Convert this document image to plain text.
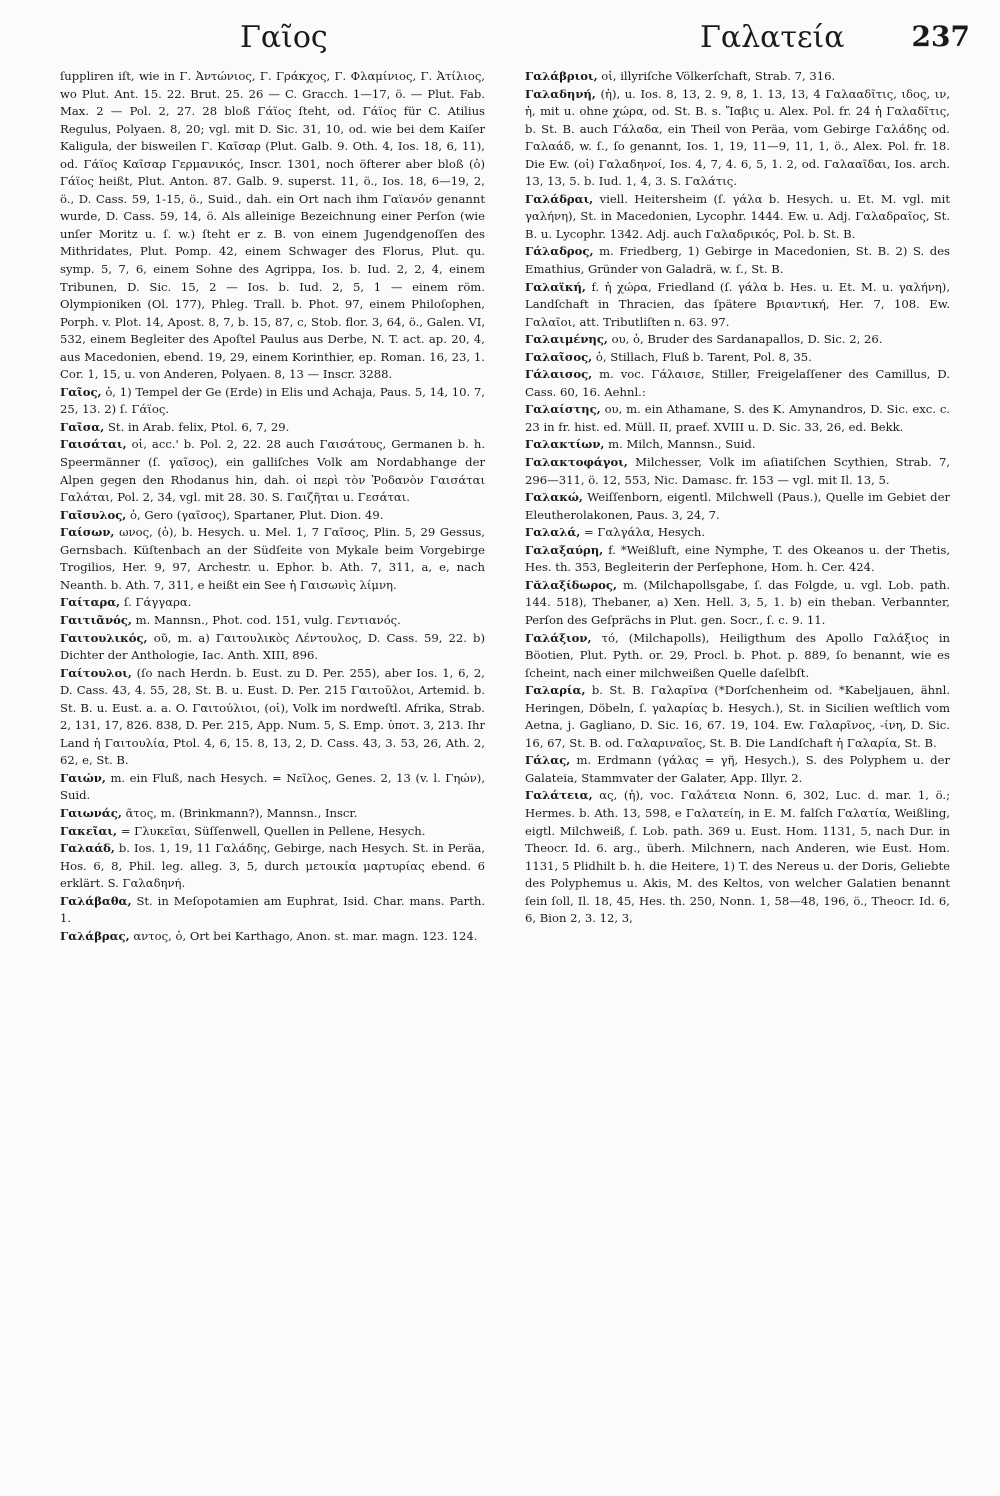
Γαῖος	Γαλατεία 237

ſuppliren iſt, wie in Γ. Ἀντώνιος, Γ. Γράκχος, Γ. Φλαμίνιος, Γ. Ἀτίλιος, wo Plut. Ant. 15. 22. Brut. 25. 26 — C. Gracch. 1—17, ö. — Plut. Fab. Max. 2 — Pol. 2, 27. 28 bloß Γάϊος ſteht, od. Γάϊος für C. Atilius Regulus, Polyaen. 8, 20; vgl. mit D. Sic. 31, 10, od. wie bei dem Kaiſer Kaligula, der bisweilen Γ. Καῖσαρ (Plut. Galb. 9. Oth. 4, Ios. 18, 6, 11), od. Γάϊος Καῖσαρ Γερμανικός, Inscr. 1301, noch öfterer aber bloß (ὁ) Γάϊος heißt, Plut. Anton. 87. Galb. 9. superst. 11, ö., Ios. 18, 6—19, 2, ö., D. Cass. 59, 1-15, ö., Suid., dah. ein Ort nach ihm Γαϊανόν genannt wurde, D. Cass. 59, 14, ö. Als alleinige Bezeichnung einer Perſon (wie unſer Moritz u. ſ. w.) ſteht er z. B. von einem Jugendgenoſſen des Mithridates, Plut. Pomp. 42, einem Schwager des Florus, Plut. qu. symp. 5, 7, 6, einem Sohne des Agrippa, Ios. b. Iud. 2, 2, 4, einem Tribunen, D. Sic. 15, 2 — Ios. b. Iud. 2, 5, 1 — einem röm. Olympioniken (Ol. 177), Phleg. Trall. b. Phot. 97, einem Philoſophen, Porph. v. Plot. 14, Apost. 8, 7, b. 15, 87, c, Stob. flor. 3, 64, ö., Galen. VI, 532, einem Begleiter des Apoſtel Paulus aus Derbe, N. T. act. ap. 20, 4, aus Macedonien, ebend. 19, 29, einem Korinthier, ep. Roman. 16, 23, 1. Cor. 1, 15, u. von Anderen, Polyaen. 8, 13 — Inscr. 3288.

Γαῖος, ὁ, 1) Tempel der Ge (Erde) in Elis und Achaja, Paus. 5, 14, 10. 7, 25, 13. 2) ſ. Γάϊος.

Γαῖσα, St. in Arab. felix, Ptol. 6, 7, 29.

Γαισάται, οἱ, acc.' b. Pol. 2, 22. 28 auch Γαισάτους, Germanen b. h. Speermänner (ſ. γαῖσος), ein galliſches Volk am Nordabhange der Alpen gegen den Rhodanus hin, dah. οἱ περὶ τὸν Ῥοδανὸν Γαισάται Γαλάται, Pol. 2, 34, vgl. mit 28. 30. S. Γαιζῆται u. Γεσάται.

Γαῖσυλος, ὁ, Gero (γαῖσος), Spartaner, Plut. Dion. 49.

Γαίσων, ωνος, (ὁ), b. Hesych. u. Mel. 1, 7 Γαῖσος, Plin. 5, 29 Gessus, Gernsbach. Küſtenbach an der Südſeite von Mykale beim Vorgebirge Trogilios, Her. 9, 97, Archestr. u. Ephor. b. Ath. 7, 311, a, e, nach Neanth. b. Ath. 7, 311, e heißt ein See ἡ Γαισωνὶς λίμνη.

Γαίταρα, ſ. Γάγγαρα.

Γαιτιᾶνός, m. Mannsn., Phot. cod. 151, vulg. Γεντιανός.

Γαιτουλικός, οῦ, m. a) Γαιτουλικὸς Λέντουλος, D. Cass. 59, 22. b) Dichter der Anthologie, Iac. Anth. XIII, 896.

Γαίτουλοι, (ſo nach Herdn. b. Eust. zu D. Per. 255), aber Ios. 1, 6, 2, D. Cass. 43, 4. 55, 28, St. B. u. Eust. D. Per. 215 Γαιτοῦλοι, Artemid. b. St. B. u. Eust. a. a. O. Γαιτούλιοι, (οἱ), Volk im nordweſtl. Afrika, Strab. 2, 131, 17, 826. 838, D. Per. 215, App. Num. 5, S. Emp. ὑποτ. 3, 213. Ihr Land ἡ Γαιτουλία, Ptol. 4, 6, 15. 8, 13, 2, D. Cass. 43, 3. 53, 26, Ath. 2, 62, e, St. B.

Γαιών, m. ein Fluß, nach Hesych. = Νεῖλος, Genes. 2, 13 (v. l. Γηών), Suid.

Γαιωνάς, ᾶτος, m. (Brinkmann?), Mannsn., Inscr.

Γακεῖαι, = Γλυκεῖαι, Süſſenwell, Quellen in Pellene, Hesych.

Γαλαάδ, b. Ios. 1, 19, 11 Γαλάδης, Gebirge, nach Hesych. St. in Peräa, Hos. 6, 8, Phil. leg. alleg. 3, 5, durch μετοικία μαρτυρίας ebend. 6 erklärt. S. Γαλαδηνή.

Γαλάβαθα, St. in Meſopotamien am Euphrat, Isid. Char. mans. Parth. 1.

Γαλάβρας, αντος, ὁ, Ort bei Karthago, Anon. st. mar. magn. 123. 124.

Γαλάβριοι, οἱ, illyriſche Völkerſchaft, Strab. 7, 316.

Γαλαδηνή, (ἡ), u. Ios. 8, 13, 2. 9, 8, 1. 13, 13, 4 Γαλααδῖτις, ιδος, ιν, ἡ, mit u. ohne χώρα, od. St. B. s. Ἴαβις u. Alex. Pol. fr. 24 ἡ Γαλαδῖτις, b. St. B. auch Γάλαδα, ein Theil von Peräa, vom Gebirge Γαλάδης od. Γαλαάδ, w. ſ., ſo genannt, Ios. 1, 19, 11—9, 11, 1, ö., Alex. Pol. fr. 18. Die Ew. (οἱ) Γαλαδηνοί, Ios. 4, 7, 4. 6, 5, 1. 2, od. Γαλααῖδαι, Ios. arch. 13, 13, 5. b. Iud. 1, 4, 3. S. Γαλάτις.

Γαλάδραι, viell. Heitersheim (ſ. γάλα b. Hesych. u. Et. M. vgl. mit γαλήνη), St. in Macedonien, Lycophr. 1444. Ew. u. Adj. Γαλαδραῖος, St. B. u. Lycophr. 1342. Adj. auch Γαλαδρικός, Pol. b. St. B.

Γάλαδρος, m. Friedberg, 1) Gebirge in Macedonien, St. B. 2) S. des Emathius, Gründer von Galadrä, w. ſ., St. B.

Γαλαϊκή, f. ἡ χώρα, Friedland (ſ. γάλα b. Hes. u. Et. M. u. γαλήνη), Landſchaft in Thracien, das ſpätere Βριαντική, Her. 7, 108. Ew. Γαλαῖοι, att. Tributliſten n. 63. 97.

Γαλαιμένης, ου, ὁ, Bruder des Sardanapallos, D. Sic. 2, 26.

Γαλαῖσος, ὁ, Stillach, Fluß b. Tarent, Pol. 8, 35.

Γάλαισος, m. voc. Γάλαισε, Stiller, Freigelaſſener des Camillus, D. Cass. 60, 16. Aehnl.:

Γαλαίστης, ου, m. ein Athamane, S. des K. Amynandros, D. Sic. exc. c. 23 in fr. hist. ed. Müll. II, praef. XVIII u. D. Sic. 33, 26, ed. Bekk.

Γαλακτίων, m. Milch, Mannsn., Suid.

Γαλακτοφάγοι, Milchesser, Volk im aſiatiſchen Scythien, Strab. 7, 296—311, ö. 12, 553, Nic. Damasc. fr. 153 — vgl. mit Il. 13, 5.

Γαλακώ, Weiſſenborn, eigentl. Milchwell (Paus.), Quelle im Gebiet der Eleutherolakonen, Paus. 3, 24, 7.

Γαλαλά, = Γαλγάλα, Hesych.

Γαλαξαύρη, f. *Weißluft, eine Nymphe, T. des Okeanos u. der Thetis, Hes. th. 353, Begleiterin der Perſephone, Hom. h. Cer. 424.

Γᾰλαξίδωρος, m. (Milchapollsgabe, ſ. das Folgde, u. vgl. Lob. path. 144. 518), Thebaner, a) Xen. Hell. 3, 5, 1. b) ein theban. Verbannter, Perſon des Geſprächs in Plut. gen. Socr., ſ. c. 9. 11.

Γαλάξιον, τό, (Milchapolls), Heiligthum des Apollo Γαλάξιος in Böotien, Plut. Pyth. or. 29, Procl. b. Phot. p. 889, ſo benannt, wie es ſcheint, nach einer milchweißen Quelle daſelbſt.

Γαλαρία, b. St. B. Γαλαρῖνα (*Dorſchenheim od. *Kabeljauen, ähnl. Heringen, Döbeln, ſ. γαλαρίας b. Hesych.), St. in Sicilien weſtlich vom Aetna, j. Gagliano, D. Sic. 16, 67. 19, 104. Ew. Γαλαρῖνος, -ίνη, D. Sic. 16, 67, St. B. od. Γαλαριναῖος, St. B. Die Landſchaft ἡ Γαλαρία, St. B.

Γάλας, m. Erdmann (γάλας = γῆ, Hesych.), S. des Polyphem u. der Galateia, Stammvater der Galater, App. Illyr. 2.

Γαλάτεια, ας, (ἡ), voc. Γαλάτεια Nonn. 6, 302, Luc. d. mar. 1, ö.; Hermes. b. Ath. 13, 598, e Γαλατείη, in E. M. falſch Γαλατία, Weißling, eigtl. Milchweiß, ſ. Lob. path. 369 u. Eust. Hom. 1131, 5, nach Dur. in Theocr. Id. 6. arg., überh. Milchnern, nach Anderen, wie Eust. Hom. 1131, 5 Plidhilt b. h. die Heitere, 1) T. des Nereus u. der Doris, Geliebte des Polyphemus u. Akis, M. des Keltos, von welcher Galatien benannt ſein ſoll, Il. 18, 45, Hes. th. 250, Nonn. 1, 58—48, 196, ö., Theocr. Id. 6, 6, Bion 2, 3. 12, 3,
